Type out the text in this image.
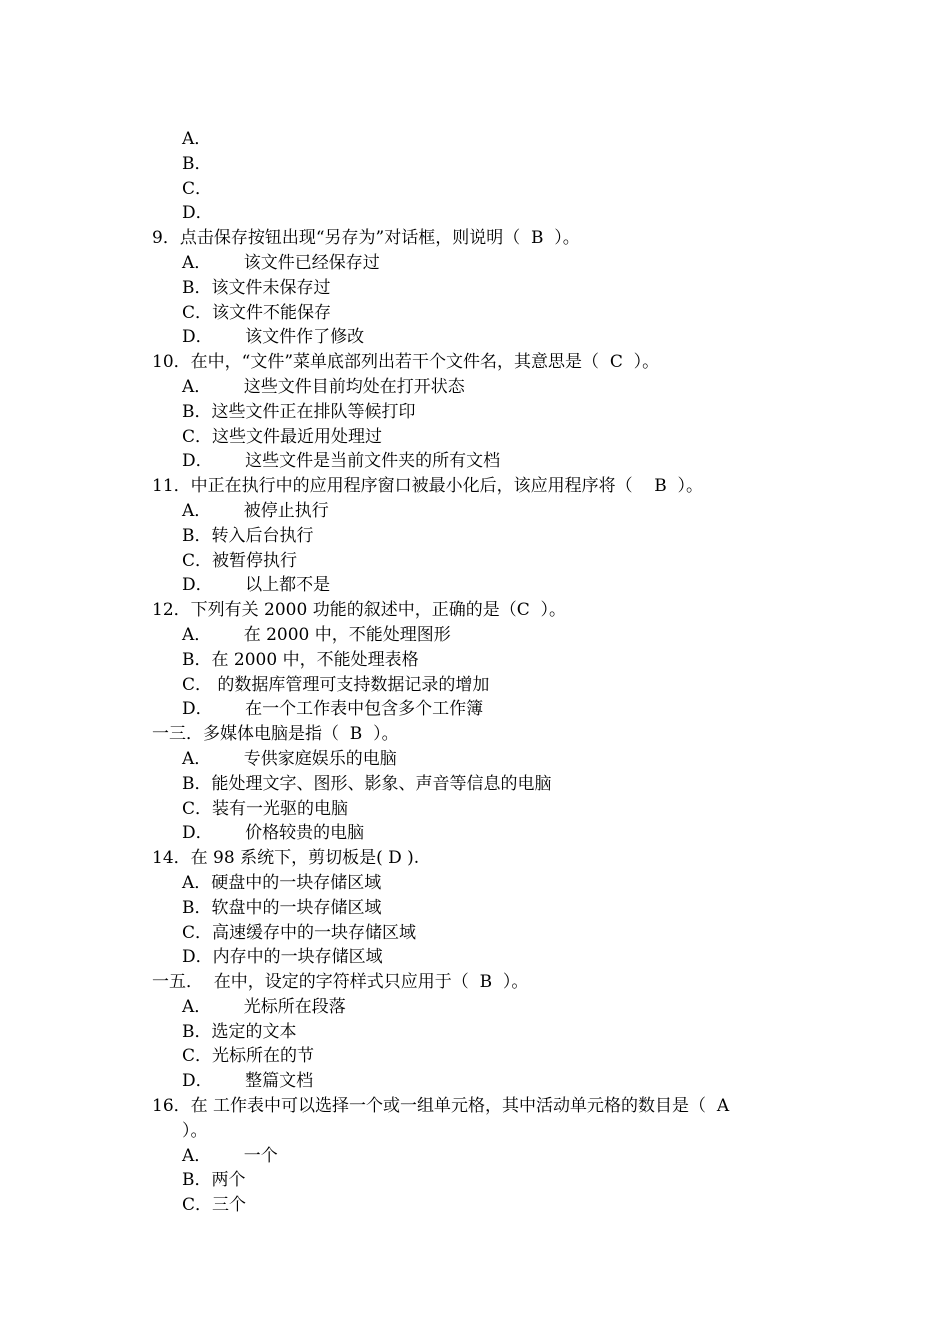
A．
B．
C．
D．
9．点击保存按钮出现“另存为”对话框，则说明（  B  ）。
A．      该文件已经保存过
B．该文件未保存过
C．该文件不能保存
D．      该文件作了修改
10．在中，“文件”菜单底部列出若干个文件名，其意思是（  C  ）。
A．      这些文件目前均处在打开状态
B．这些文件正在排队等候打印
C．这些文件最近用处理过
D．      这些文件是当前文件夹的所有文档
11．中正在执行中的应用程序窗口被最小化后，该应用程序将（    B  ）。
A．      被停止执行
B．转入后台执行
C．被暂停执行
D．      以上都不是
12．下列有关 2000 功能的叙述中，正确的是（C  ）。
A．      在 2000 中，不能处理图形
B．在 2000 中，不能处理表格
C． 的数据库管理可支持数据记录的增加
D．      在一个工作表中包含多个工作簿
一三．多媒体电脑是指（  B  ）。
A．      专供家庭娱乐的电脑
B．能处理文字、图形、影象、声音等信息的电脑
C．装有一光驱的电脑
D．      价格较贵的电脑
14．在 98 系统下，剪切板是( D ).
A．硬盘中的一块存储区域
B．软盘中的一块存储区域
C．高速缓存中的一块存储区域
D．内存中的一块存储区域
一五．  在中，设定的字符样式只应用于（  B  ）。
A．      光标所在段落
B．选定的文本
C．光标所在的节
D．      整篇文档
16．在 工作表中可以选择一个或一组单元格，其中活动单元格的数目是（  A
）。
A．      一个
B．两个
C．三个
